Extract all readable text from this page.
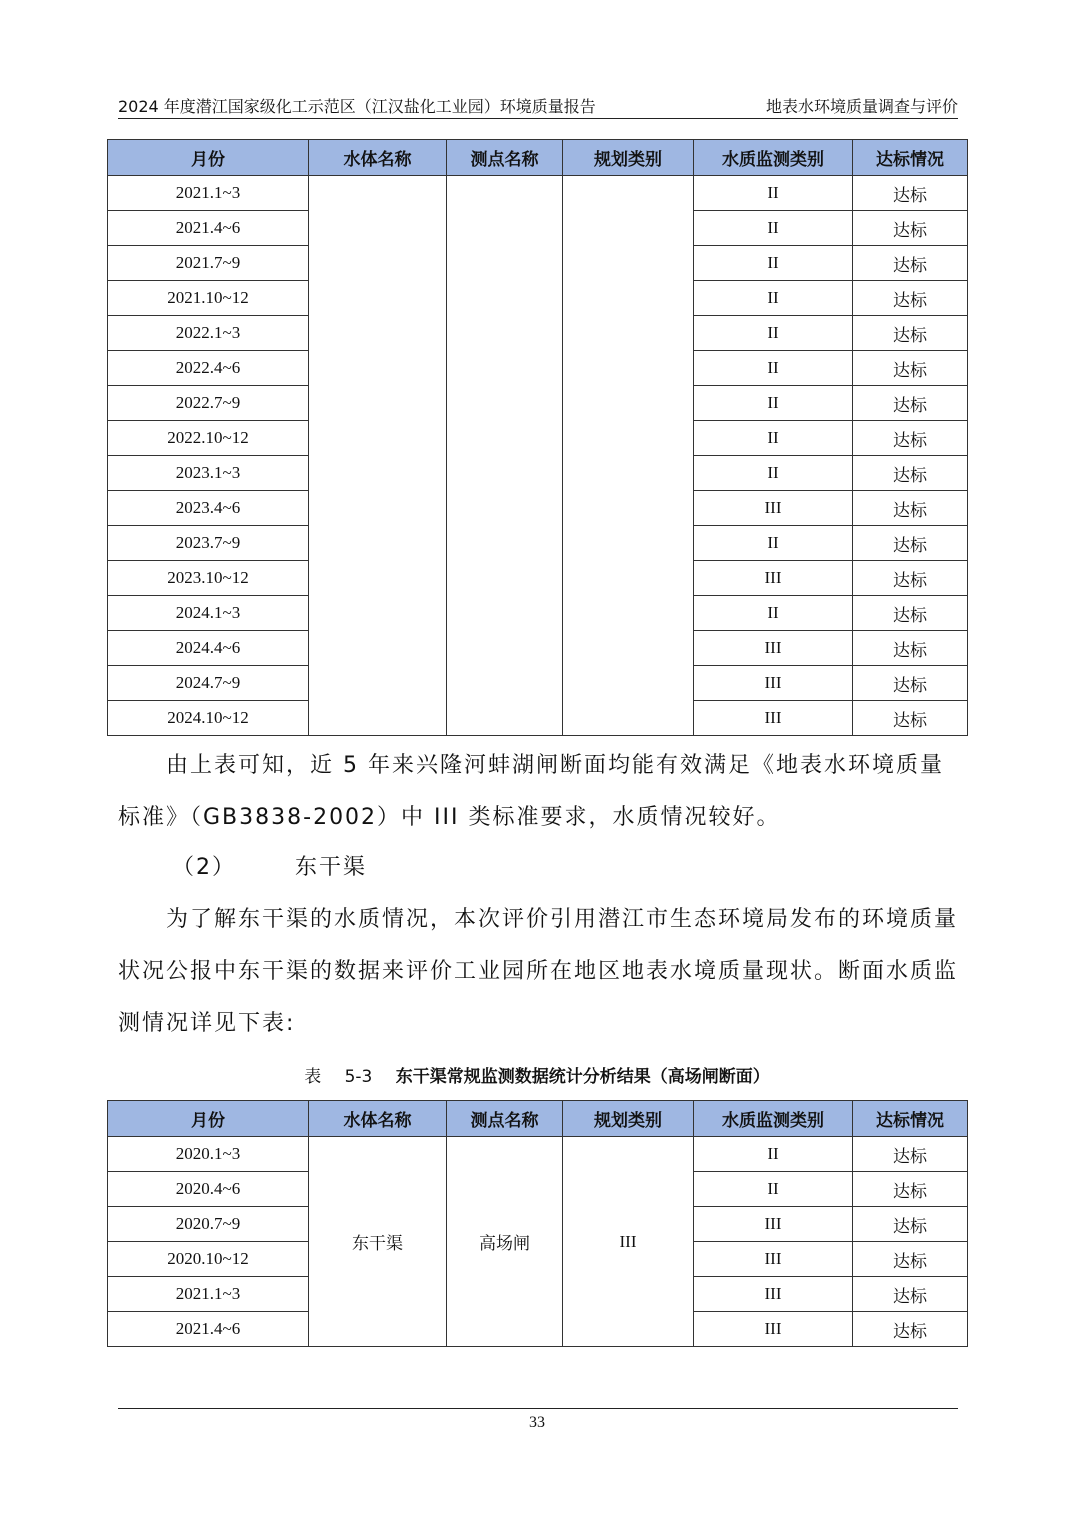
2024 年度潜江国家级化工示范区（江汉盐化工业园）环境质量报告	地表水环境质量调查与评价
月份	水体名称	测点名称	规划类别	水质监测类别	达标情况
2021.1~3				II	达标
2021.4~6				II	达标
2021.7~9				II	达标
2021.10~12				II	达标
2022.1~3				II	达标
2022.4~6				II	达标
2022.7~9				II	达标
2022.10~12				II	达标
2023.1~3				II	达标
2023.4~6				III	达标
2023.7~9				II	达标
2023.10~12				III	达标
2024.1~3				II	达标
2024.4~6				III	达标
2024.7~9				III	达标
2024.10~12				III	达标

由上表可知，近 5 年来兴隆河蚌湖闸断面均能有效满足《地表水环境质量标准》（GB3838-2002）中 III 类标准要求，水质情况较好。

（2）	东干渠

为了解东干渠的水质情况，本次评价引用潜江市生态环境局发布的环境质量状况公报中东干渠的数据来评价工业园所在地区地表水境质量现状。断面水质监测情况详见下表:

表 5-3 东干渠常规监测数据统计分析结果（高场闸断面）
月份	水体名称	测点名称	规划类别	水质监测类别	达标情况
2020.1~3	东干渠	高场闸	III	II	达标
2020.4~6				II	达标
2020.7~9				III	达标
2020.10~12				III	达标
2021.1~3				III	达标
2021.4~6				III	达标
33
